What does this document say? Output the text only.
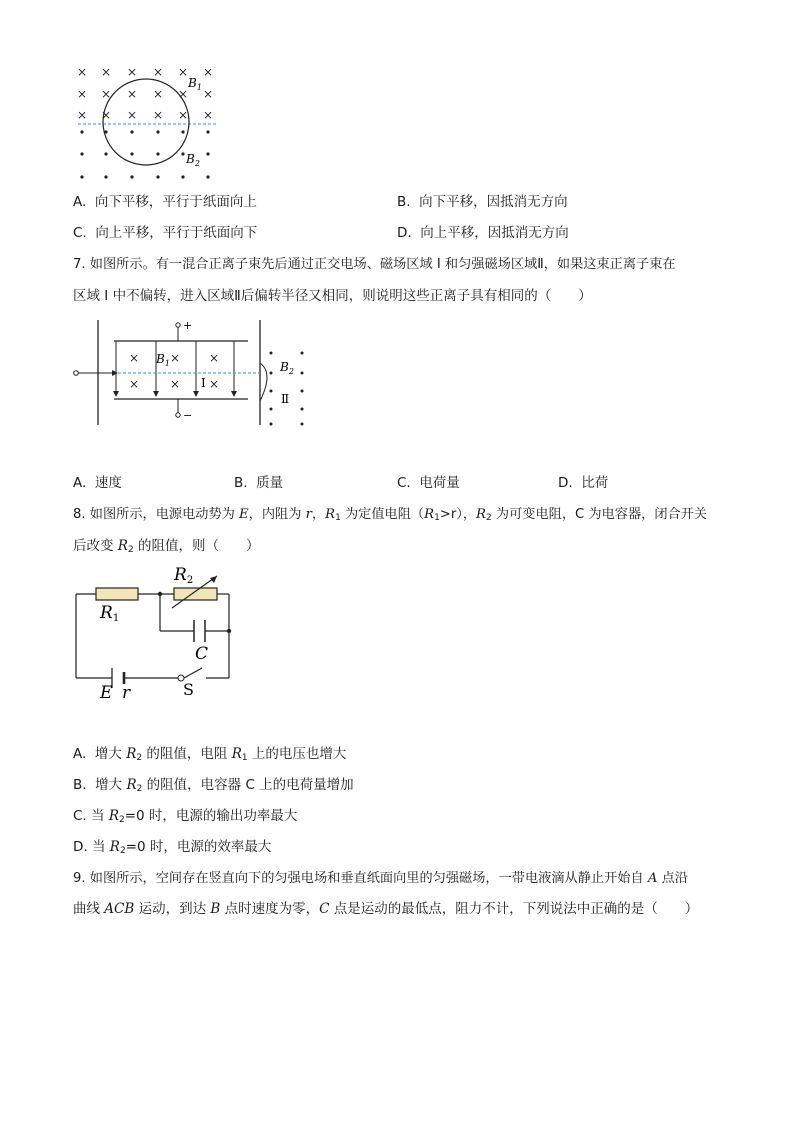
× × × × × ×
× × × × × ×
× × × × × ×
$B_1$
$B_2$
A. 向下平移，平行于纸面向上	B. 向下平移，因抵消无方向
C. 向上平移，平行于纸面向下	D. 向上平移，因抵消无方向
7. 如图所示。有一混合正离子束先后通过正交电场、磁场区域 I 和匀强磁场区域Ⅱ，如果这束正离子束在
区域 I 中不偏转，进入区域Ⅱ后偏转半径又相同，则说明这些正离子具有相同的（　　）
+
−
×	× ×
×	× ×
$B_1$
I
$B_2$
Ⅱ
A. 速度	B. 质量	C. 电荷量	D. 比荷
8. 如图所示，电源电动势为 E，内阻为 r，$R_1$ 为定值电阻$(R_1>r)$，$R_2$ 为可变电阻，C 为电容器，闭合开关
后改变 $R_2$ 的阻值，则（　　）
R1
R2
C
S
E r
A. 增大 $R_2$ 的阻值，电阻 $R_1$ 上的电压也增大
B. 增大 $R_2$ 的阻值，电容器 C 上的电荷量增加
C. 当 $R_2=0$ 时，电源的输出功率最大
D. 当 $R_2=0$ 时，电源的效率最大
9. 如图所示，空间存在竖直向下的匀强电场和垂直纸面向里的匀强磁场，一带电液滴从静止开始自 A 点沿
曲线 ACB 运动，到达 B 点时速度为零，C 点是运动的最低点，阻力不计，下列说法中正确的是（　　）
